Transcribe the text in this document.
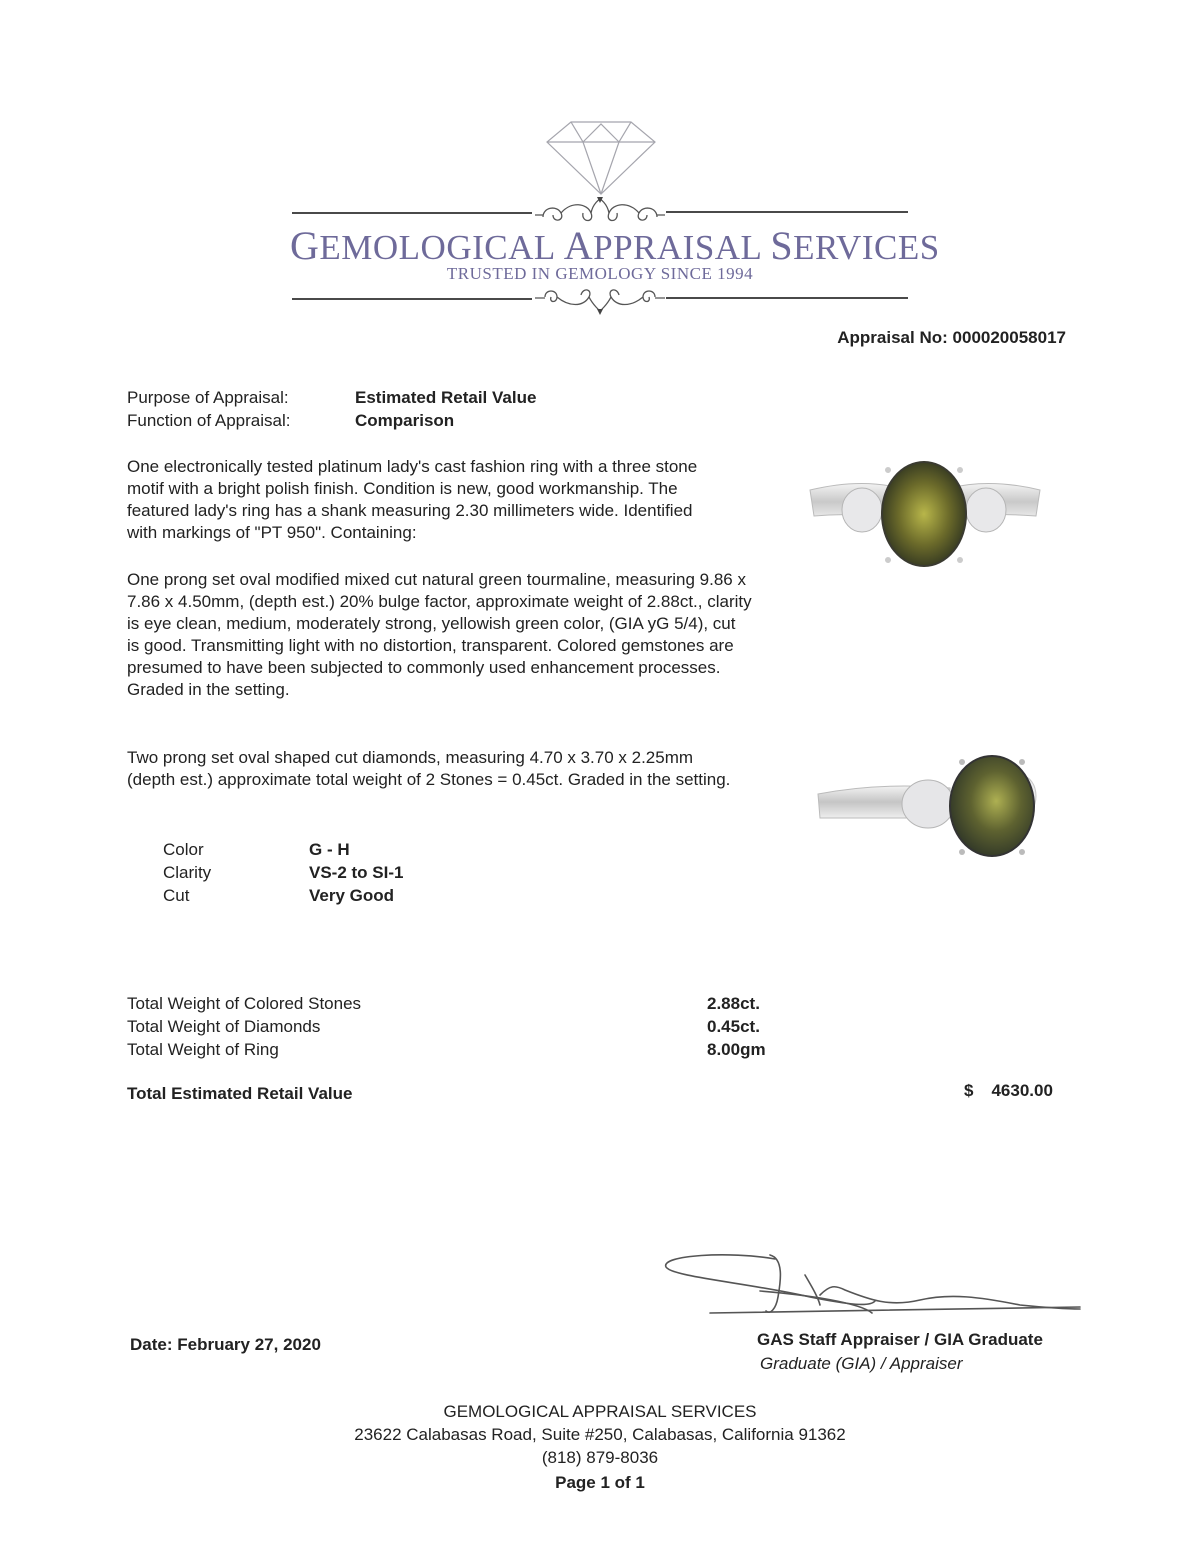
GEMOLOGICAL APPRAISAL SERVICES
TRUSTED IN GEMOLOGY SINCE 1994
Appraisal No: 000020058017
Purpose of Appraisal:	Estimated Retail Value
Function of Appraisal:	Comparison

One electronically tested platinum lady's cast fashion ring with a three stone motif with a bright polish finish. Condition is new, good workmanship. The featured lady's ring has a shank measuring 2.30 millimeters wide. Identified with markings of "PT 950". Containing:

One prong set oval modified mixed cut natural green tourmaline, measuring 9.86 x 7.86 x 4.50mm, (depth est.) 20% bulge factor, approximate weight of 2.88ct., clarity is eye clean, medium, moderately strong, yellowish green color, (GIA yG 5/4), cut is good. Transmitting light with no distortion, transparent. Colored gemstones are presumed to have been subjected to commonly used enhancement processes. Graded in the setting.

Two prong set oval shaped cut diamonds, measuring 4.70 x 3.70 x 2.25mm (depth est.) approximate total weight of 2 Stones = 0.45ct. Graded in the setting.

Color	G - H
Clarity	VS-2 to SI-1
Cut	Very Good
Total Weight of Colored Stones	2.88ct.
Total Weight of Diamonds	0.45ct.
Total Weight of Ring	8.00gm
Total Estimated Retail Value	$ 4630.00
Date: February 27, 2020	GAS Staff Appraiser / GIA Graduate
Graduate (GIA) / Appraiser
GEMOLOGICAL APPRAISAL SERVICES
23622 Calabasas Road, Suite #250, Calabasas, California 91362
(818) 879-8036
Page 1 of 1
